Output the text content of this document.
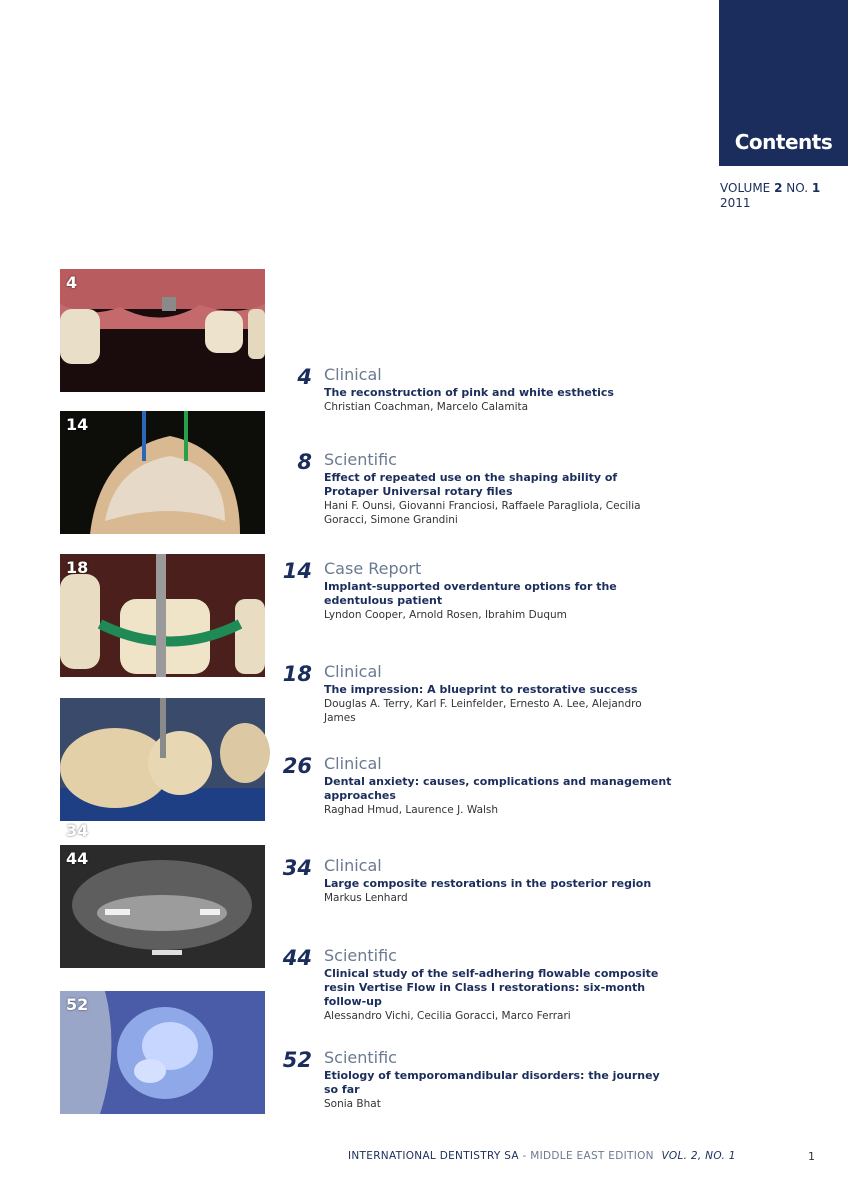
Contents
VOLUME 2 NO. 1
2011
4
14
18
34
44
52
4 Clinical
The reconstruction of pink and white esthetics
Christian Coachman, Marcelo Calamita
8 Scientific
Effect of repeated use on the shaping ability of Protaper Universal rotary files
Hani F. Ounsi, Giovanni Franciosi, Raffaele Paragliola, Cecilia Goracci, Simone Grandini
14 Case Report
Implant-supported overdenture options for the edentulous patient
Lyndon Cooper, Arnold Rosen, Ibrahim Duqum
18 Clinical
The impression: A blueprint to restorative success
Douglas A. Terry, Karl F. Leinfelder, Ernesto A. Lee, Alejandro James
26 Clinical
Dental anxiety: causes, complications and management approaches
Raghad Hmud, Laurence J. Walsh
34 Clinical
Large composite restorations in the posterior region
Markus Lenhard
44 Scientific
Clinical study of the self-adhering flowable composite resin Vertise Flow in Class I restorations: six-month follow-up
Alessandro Vichi, Cecilia Goracci, Marco Ferrari
52 Scientific
Etiology of temporomandibular disorders: the journey so far
Sonia Bhat
INTERNATIONAL DENTISTRY SA - MIDDLE EAST EDITION VOL. 2, NO. 1	1
